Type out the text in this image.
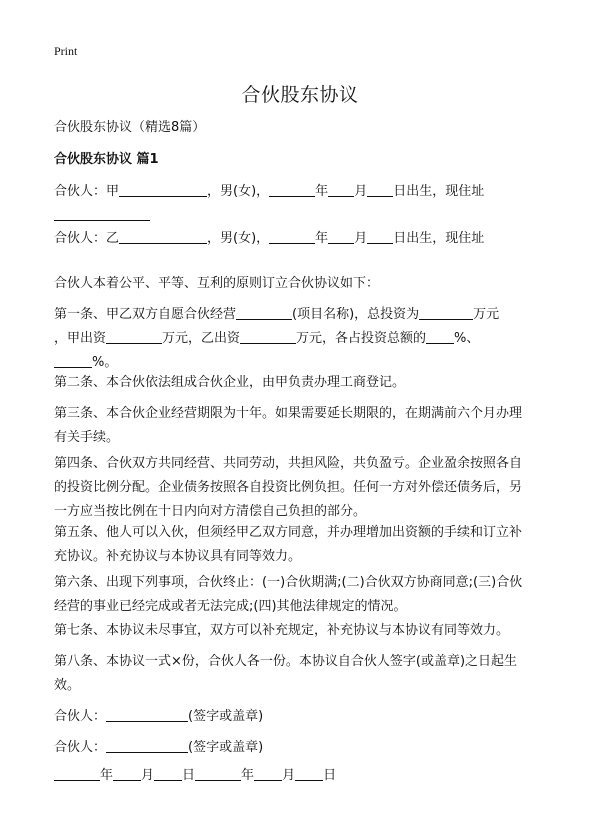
Print
合伙股东协议
合伙股东协议（精选8篇）
合伙股东协议 篇1
合伙人：甲	，男(女)，	年 月 日出生，现住址
合伙人：乙	，男(女)，	年 月 日出生，现住址
合伙人本着公平、平等、互利的原则订立合伙协议如下：
第一条、甲乙双方自愿合伙经营	(项目名称)，总投资为	万元
，甲出资	万元，乙出资	万元，各占投资总额的 %、
%。
第二条、本合伙依法组成合伙企业，由甲负责办理工商登记。
第三条、本合伙企业经营期限为十年。如果需要延长期限的，在期满前六个月办理
有关手续。
第四条、合伙双方共同经营、共同劳动，共担风险，共负盈亏。企业盈余按照各自
的投资比例分配。企业债务按照各自投资比例负担。任何一方对外偿还债务后，另
一方应当按比例在十日内向对方清偿自己负担的部分。
第五条、他人可以入伙，但须经甲乙双方同意，并办理增加出资额的手续和订立补
充协议。补充协议与本协议具有同等效力。
第六条、出现下列事项，合伙终止：(一)合伙期满;(二)合伙双方协商同意;(三)合伙
经营的事业已经完成或者无法完成;(四)其他法律规定的情况。
第七条、本协议未尽事宜，双方可以补充规定，补充协议与本协议有同等效力。
第八条、本协议一式×份，合伙人各一份。本协议自合伙人签字(或盖章)之日起生
效。
合伙人：	(签字或盖章)
合伙人：	(签字或盖章)
年 月 日	年 月 日
